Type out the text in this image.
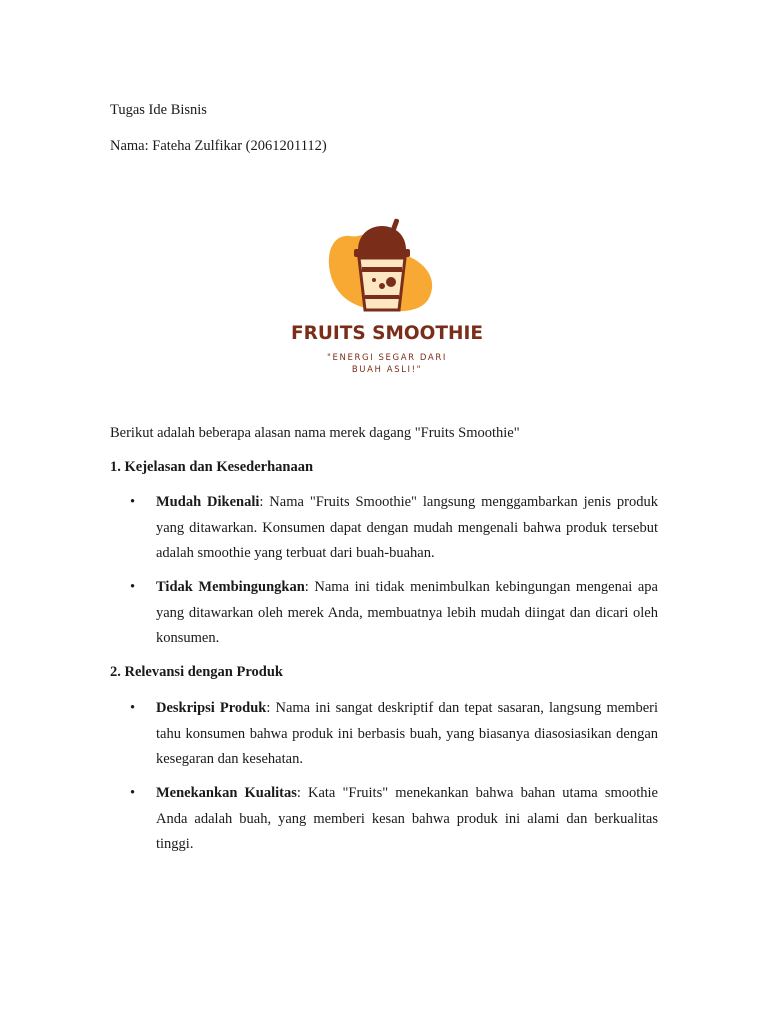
Tugas Ide Bisnis
Nama: Fateha Zulfikar (2061201112)
FRUITS SMOOTHIE
"ENERGI SEGAR DARI
BUAH ASLI!"
Berikut adalah beberapa alasan nama merek dagang "Fruits Smoothie"
1. Kejelasan dan Kesederhanaan
•	Mudah Dikenali: Nama "Fruits Smoothie" langsung menggambarkan jenis produk yang ditawarkan. Konsumen dapat dengan mudah mengenali bahwa produk tersebut adalah smoothie yang terbuat dari buah-buahan.
•	Tidak Membingungkan: Nama ini tidak menimbulkan kebingungan mengenai apa yang ditawarkan oleh merek Anda, membuatnya lebih mudah diingat dan dicari oleh konsumen.
2. Relevansi dengan Produk
•	Deskripsi Produk: Nama ini sangat deskriptif dan tepat sasaran, langsung memberi tahu konsumen bahwa produk ini berbasis buah, yang biasanya diasosiasikan dengan kesegaran dan kesehatan.
•	Menekankan Kualitas: Kata "Fruits" menekankan bahwa bahan utama smoothie Anda adalah buah, yang memberi kesan bahwa produk ini alami dan berkualitas tinggi.
